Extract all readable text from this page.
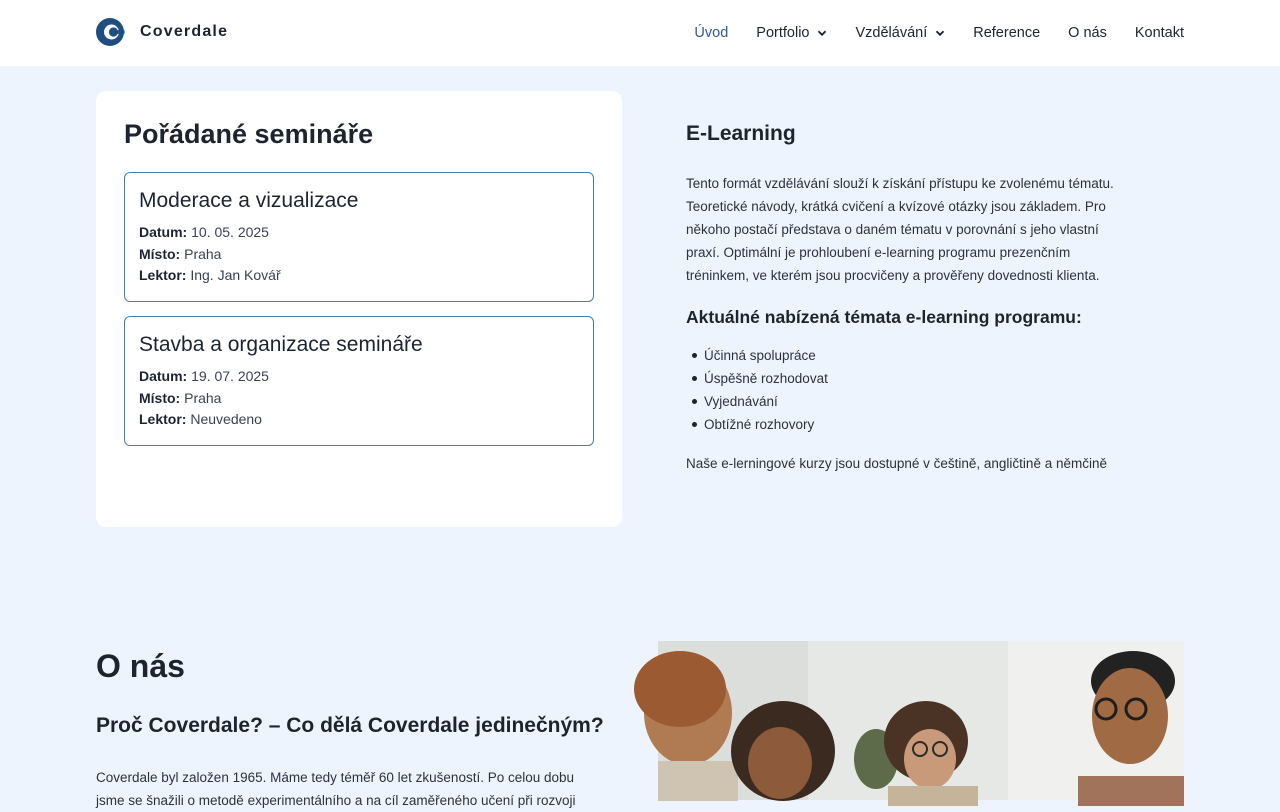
Coverdale	Úvod Portfolio	Vzdělávání	Reference O nás Kontakt
Pořádané semináře
Moderace a vizualizace
Datum: 10. 05. 2025
Místo: Praha
Lektor: Ing. Jan Kovář
Stavba a organizace semináře
Datum: 19. 07. 2025
Místo: Praha
Lektor: Neuvedeno
E-Learning
Tento formát vzdělávání slouží k získání přístupu ke zvolenému tématu.
Teoretické návody, krátká cvičení a kvízové otázky jsou základem. Pro
někoho postačí představa o daném tématu v porovnání s jeho vlastní
praxí. Optimální je prohloubení e-learning programu prezenčním
tréninkem, ve kterém jsou procvičeny a prověřeny dovednosti klienta.
Aktuálné nabízená témata e-learning programu:
Účinná spolupráce
Úspěšně rozhodovat
Vyjednávání
Obtížné rozhovory

Naše e-lerningové kurzy jsou dostupné v češtině, angličtině a němčině

O nás
Proč Coverdale? – Co dělá Coverdale jedinečným?
Coverdale byl založen 1965. Máme tedy téměř 60 let zkušeností. Po celou dobu
jsme se šnažili o metodě experimentálního a na cíl zaměřeného učení při rozvoji
